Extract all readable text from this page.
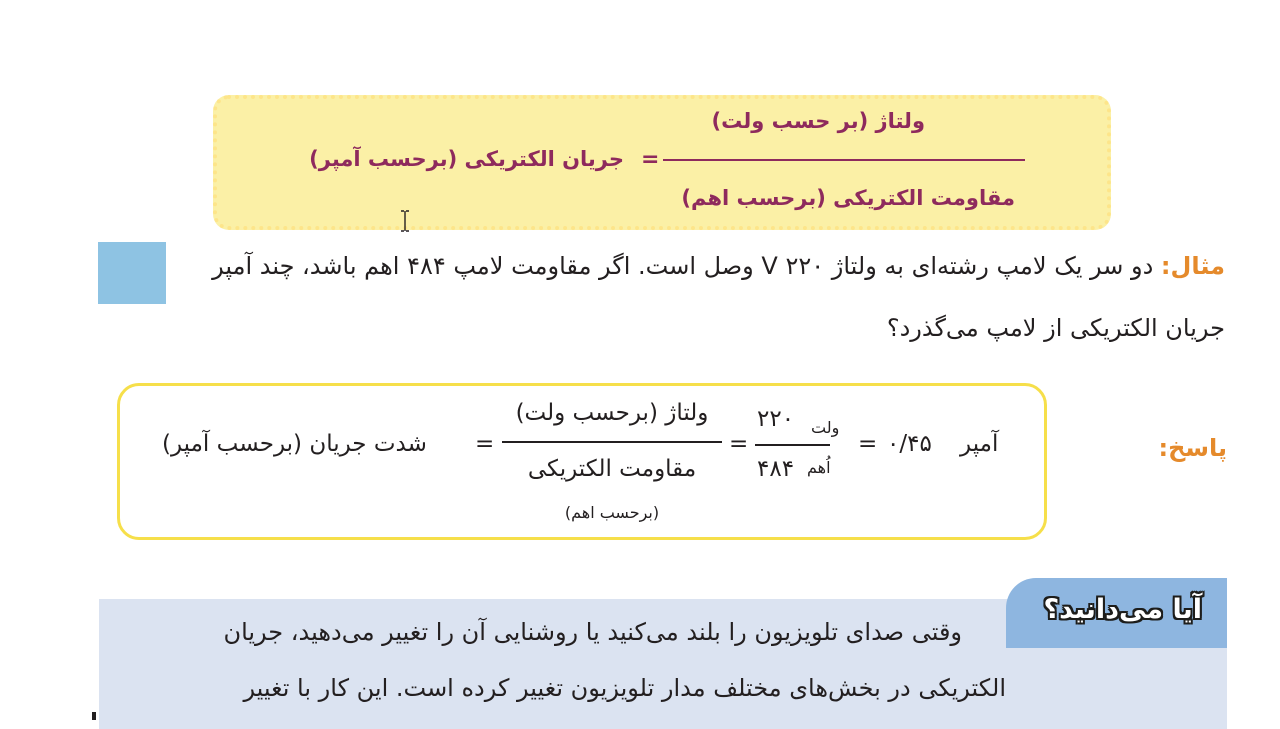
ولتاژ (بر حسب ولت)
مقاومت الکتریکی (برحسب اهم)
=
جریان الکتریکی (برحسب آمپر)
مثال: دو سر یک لامپ رشته‌ای به ولتاژ V ۲۲۰ وصل است. اگر مقاومت لامپ ۴۸۴ اهم باشد، چند آمپر
جریان الکتریکی از لامپ می‌گذرد؟
پاسخ:
شدت جریان (برحسب آمپر) =
ولتاژ (برحسب ولت)
مقاومت الکتریکی
(برحسب اهم)
=
۲۲۰ ولت
۴۸۴ اُهم
= ۰/۴۵ آمپر
آیا می‌دانید؟
وقتی صدای تلویزیون را بلند می‌کنید یا روشنایی آن را تغییر می‌دهید، جریان
الکتریکی در بخش‌های مختلف مدار تلویزیون تغییر کرده است. این کار با تغییر
